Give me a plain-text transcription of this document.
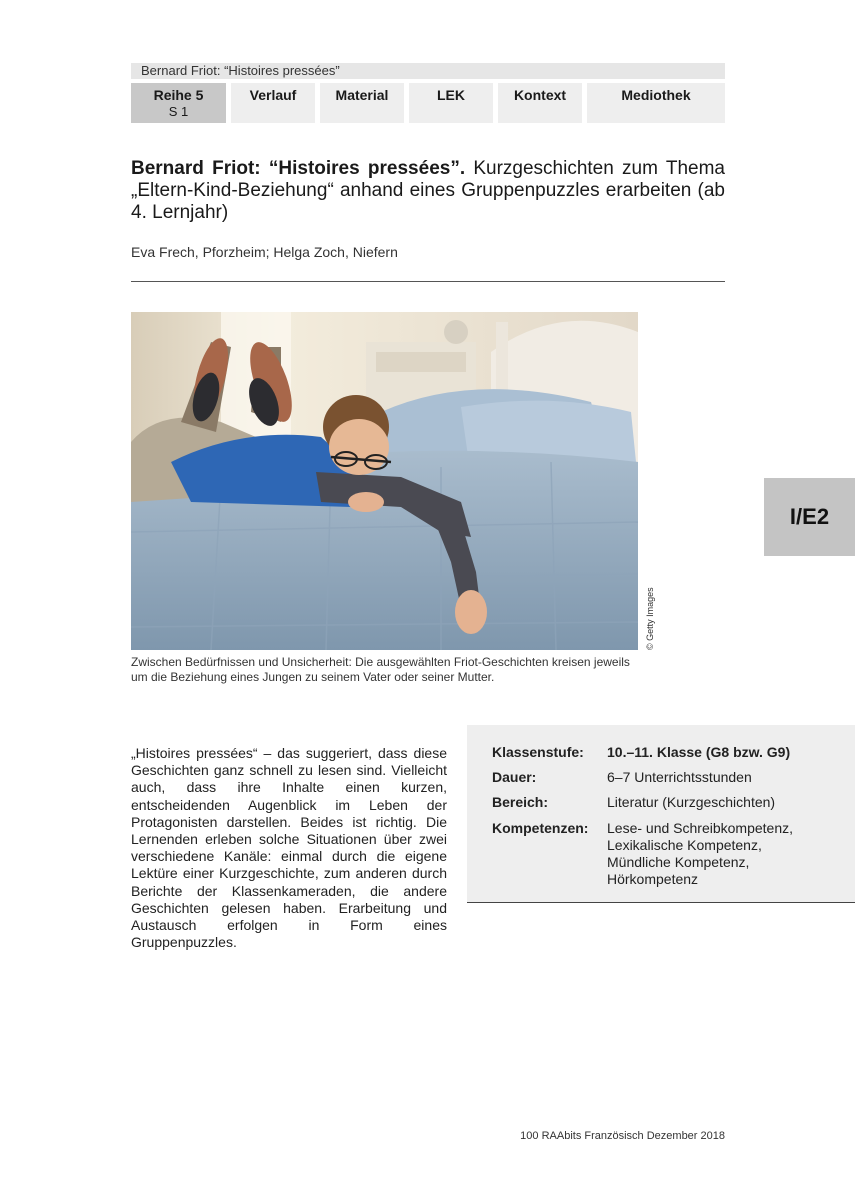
Bernard Friot: “Histoires pressées”
Reihe 5
S 1
Verlauf	Material	LEK	Kontext	Mediothek
Bernard Friot: “Histoires pressées”. Kurzgeschichten zum Thema „Eltern-Kind-Beziehung“ anhand eines Gruppenpuzzles erarbeiten (ab 4. Lernjahr)
Eva Frech, Pforzheim; Helga Zoch, Niefern
© Getty Images
Zwischen Bedürfnissen und Unsicherheit: Die ausgewählten Friot-Geschichten kreisen jeweils um die Beziehung eines Jungen zu seinem Vater oder seiner Mutter.
I/E2
„Histoires pressées“ – das suggeriert, dass diese Geschichten ganz schnell zu lesen sind. Vielleicht auch, dass ihre Inhalte einen kurzen, entscheidenden Augenblick im Leben der Protagonisten darstellen. Beides ist richtig. Die Lernenden erleben solche Situationen über zwei verschiedene Kanäle: einmal durch die eigene Lektüre einer Kurzgeschichte, zum anderen durch Berichte der Klassenkameraden, die andere Geschichten gelesen haben. Erarbeitung und Austausch erfolgen in Form eines Gruppenpuzzles.
Klassenstufe:	10.–11. Klasse (G8 bzw. G9)
Dauer:	6–7 Unterrichtsstunden
Bereich:	Literatur (Kurzgeschichten)
Kompetenzen:	Lese- und Schreibkompetenz,
Lexikalische Kompetenz,
Mündliche Kompetenz,
Hörkompetenz
100 RAAbits Französisch Dezember 2018
